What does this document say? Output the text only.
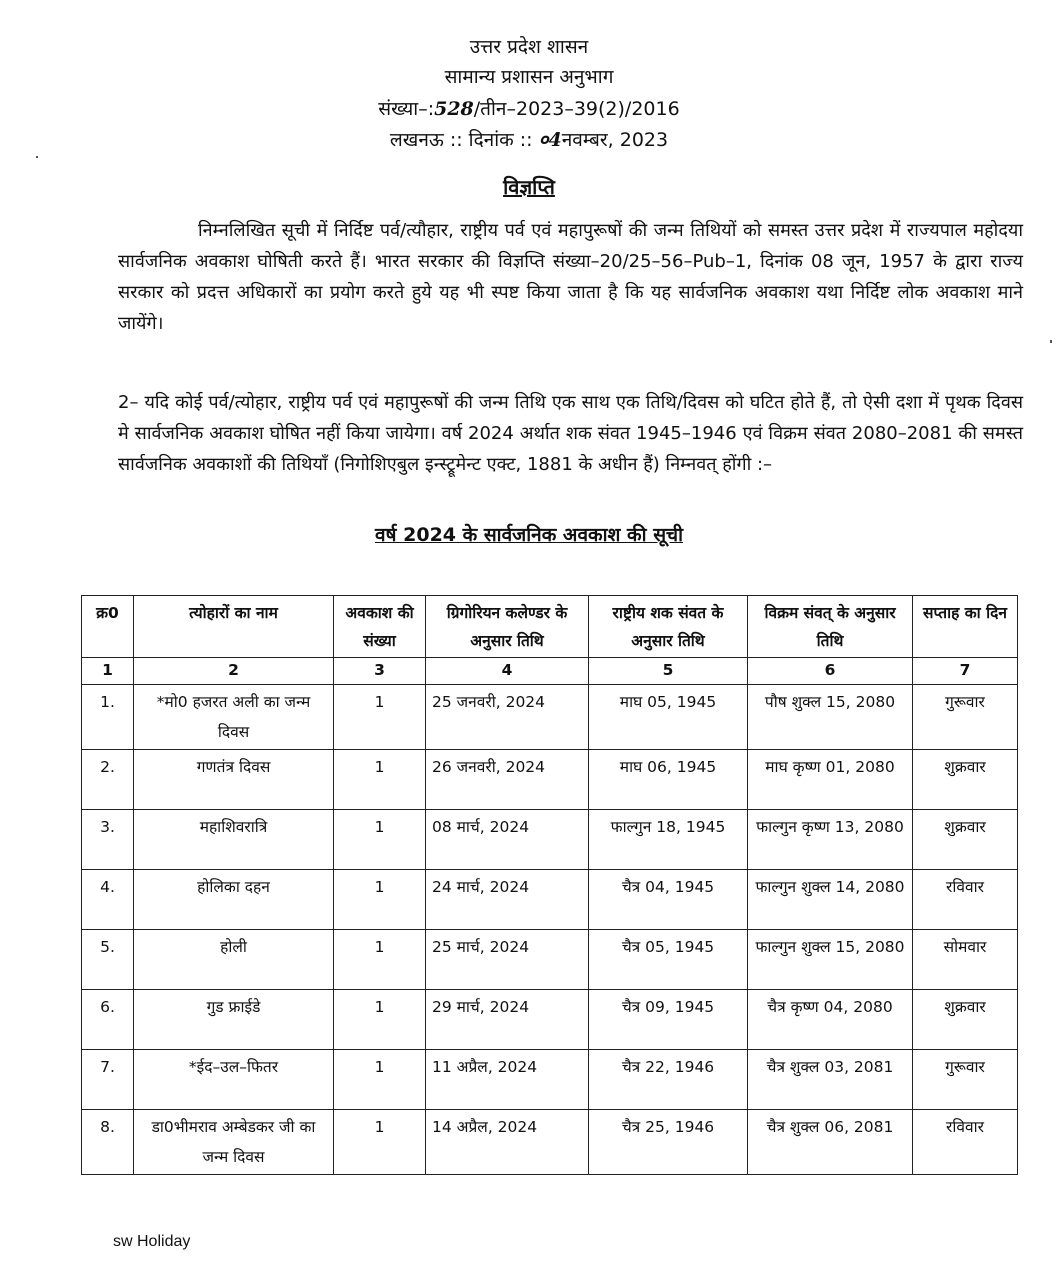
उत्तर प्रदेश शासन
सामान्य प्रशासन अनुभाग
संख्या–:528/तीन–2023–39(2)/2016
लखनऊ :: दिनांक :: ०4नवम्बर, 2023
विज्ञप्ति
निम्नलिखित सूची में निर्दिष्ट पर्व/त्यौहार, राष्ट्रीय पर्व एवं महापुरूषों की जन्म तिथियों को समस्त उत्तर प्रदेश में राज्यपाल महोदया सार्वजनिक अवकाश घोषिती करते हैं। भारत सरकार की विज्ञप्ति संख्या–20/25–56–Pub–1, दिनांक 08 जून, 1957 के द्वारा राज्य सरकार को प्रदत्त अधिकारों का प्रयोग करते हुये यह भी स्पष्ट किया जाता है कि यह सार्वजनिक अवकाश यथा निर्दिष्ट लोक अवकाश माने जायेंगे।
2– यदि कोई पर्व/त्योहार, राष्ट्रीय पर्व एवं महापुरूषों की जन्म तिथि एक साथ एक तिथि/दिवस को घटित होते हैं, तो ऐसी दशा में पृथक दिवस मे सार्वजनिक अवकाश घोषित नहीं किया जायेगा। वर्ष 2024 अर्थात शक संवत 1945–1946 एवं विक्रम संवत 2080–2081 की समस्त सार्वजनिक अवकाशों की तिथियाँ (निगोशिएबुल इन्स्ट्रूमेन्ट एक्ट, 1881 के अधीन हैं) निम्नवत् होंगी :–
वर्ष 2024 के सार्वजनिक अवकाश की सूची
क्र0	त्योहारों का नाम	अवकाश की संख्या	ग्रिगोरियन कलेण्डर के अनुसार तिथि	राष्ट्रीय शक संवत के अनुसार तिथि	विक्रम संवत् के अनुसार तिथि	सप्ताह का दिन
1	2	3	4	5	6	7
1.	*मो0 हजरत अली का जन्म दिवस	1	25 जनवरी, 2024	माघ 05, 1945	पौष शुक्ल 15, 2080	गुरूवार
2.	गणतंत्र दिवस	1	26 जनवरी, 2024	माघ 06, 1945	माघ कृष्ण 01, 2080	शुक्रवार
3.	महाशिवरात्रि	1	08 मार्च, 2024	फाल्गुन 18, 1945	फाल्गुन कृष्ण 13, 2080	शुक्रवार
4.	होलिका दहन	1	24 मार्च, 2024	चैत्र 04, 1945	फाल्गुन शुक्ल 14, 2080	रविवार
5.	होली	1	25 मार्च, 2024	चैत्र 05, 1945	फाल्गुन शुक्ल 15, 2080	सोमवार
6.	गुड फ्राईडे	1	29 मार्च, 2024	चैत्र 09, 1945	चैत्र कृष्ण 04, 2080	शुक्रवार
7.	*ईद–उल–फितर	1	11 अप्रैल, 2024	चैत्र 22, 1946	चैत्र शुक्ल 03, 2081	गुरूवार
8.	डा0भीमराव अम्बेडकर जी का जन्म दिवस	1	14 अप्रैल, 2024	चैत्र 25, 1946	चैत्र शुक्ल 06, 2081	रविवार
sw Holiday
